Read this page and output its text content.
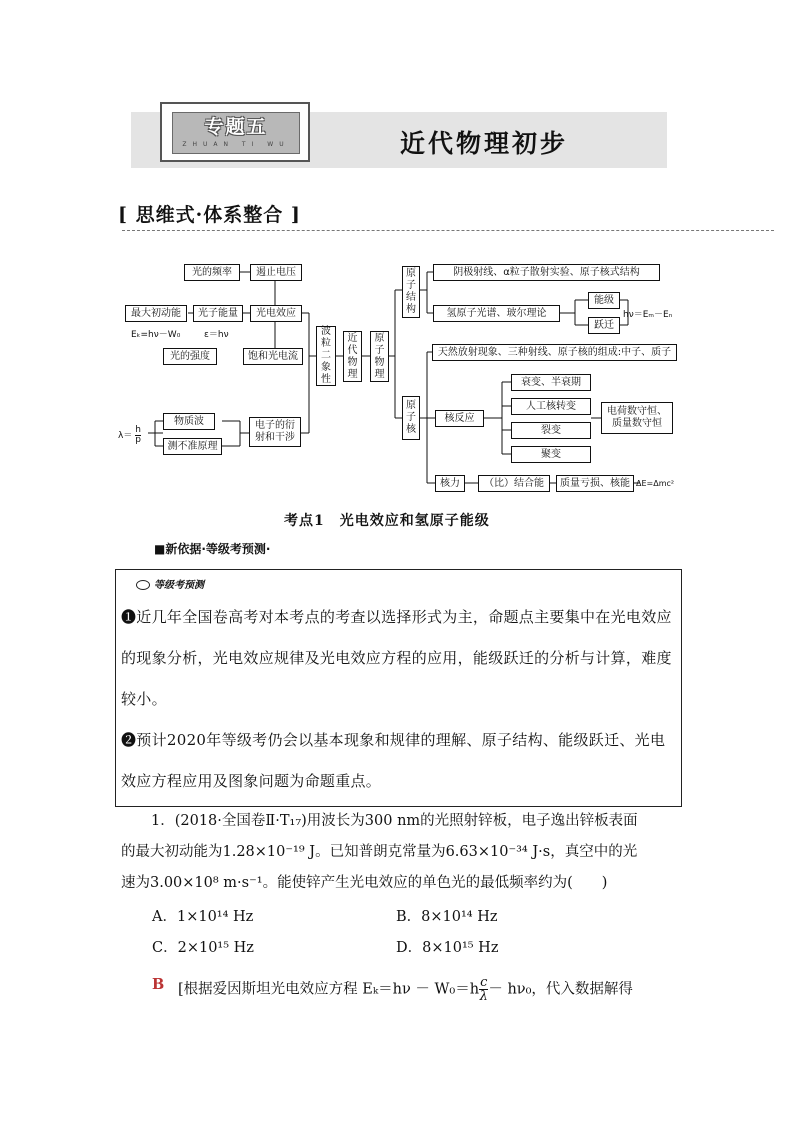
专题五
ZHUAN TI WU	近代物理初步
[ 思维式·体系整合 ]
光的频率	遏止电压
最大初动能	光子能量	光电效应
Eₖ=hν－W₀	ε＝hν
光的强度	饱和光电流
波粒二象性
近代物理
原子物理
原子结构
阴极射线、α粒子散射实验、原子核式结构
氢原子光谱、玻尔理论
能级
跃迁
hν＝Eₘ－Eₙ
天然放射现象、三种射线、原子核的组成:中子、质子
原子核
核反应
衰变、半衰期
人工核转变
裂变
聚变
电荷数守恒、质量数守恒
$\lambda= \frac{h}{p}$
物质波
测不准原理
电子的衍射和干涉
核力	（比）结合能	质量亏损、核能 ΔE=Δmc²
考点1　光电效应和氢原子能级
■新依据·等级考预测·
等级考预测
❶近几年全国卷高考对本考点的考查以选择形式为主，命题点主要集中在光电效应的现象分析，光电效应规律及光电效应方程的应用，能级跃迁的分析与计算，难度较小。
❷预计2020年等级考仍会以基本现象和规律的理解、原子结构、能级跃迁、光电效应方程应用及图象问题为命题重点。
1．(2018·全国卷Ⅱ·T₁₇)用波长为300 nm的光照射锌板，电子逸出锌板表面
的最大初动能为1.28×10⁻¹⁹ J。已知普朗克常量为6.63×10⁻³⁴ J·s，真空中的光
速为3.00×10⁸ m·s⁻¹。能使锌产生光电效应的单色光的最低频率约为(　　)
A．1×10¹⁴ Hz	B．8×10¹⁴ Hz
C．2×10¹⁵ Hz	D．8×10¹⁵ Hz
B [根据爱因斯坦光电效应方程 $E_k=h\nu - W_0=h \frac{c}{\lambda} - h\nu_0$，代入数据解得
